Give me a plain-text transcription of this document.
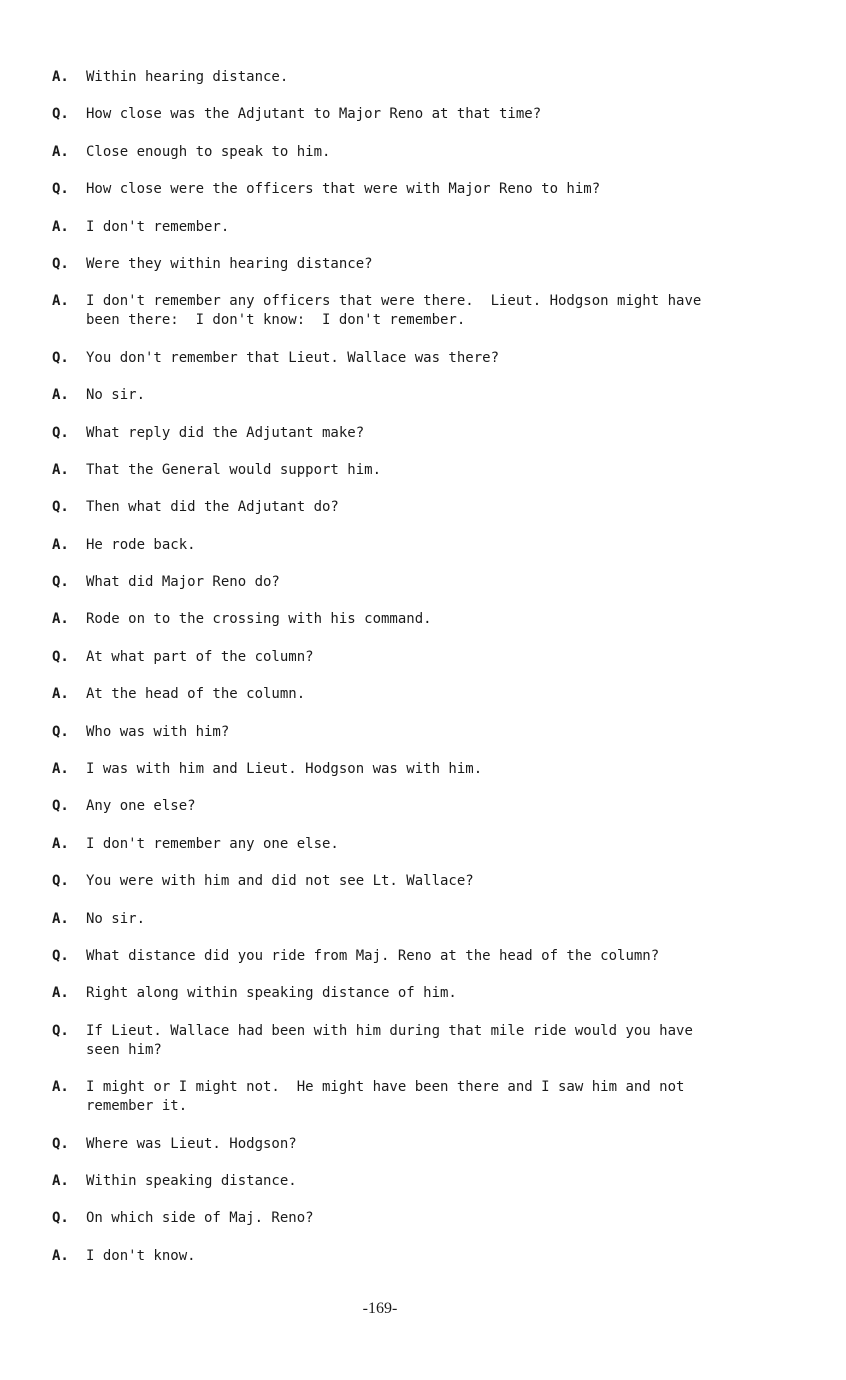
A.	Within hearing distance.
Q.	How close was the Adjutant to Major Reno at that time?
A.	Close enough to speak to him.
Q.	How close were the officers that were with Major Reno to him?
A.	I don't remember.
Q.	Were they within hearing distance?
A.	I don't remember any officers that were there.  Lieut. Hodgson might have
been there:  I don't know:  I don't remember.
Q.	You don't remember that Lieut. Wallace was there?
A.	No sir.
Q.	What reply did the Adjutant make?
A.	That the General would support him.
Q.	Then what did the Adjutant do?
A.	He rode back.
Q.	What did Major Reno do?
A.	Rode on to the crossing with his command.
Q.	At what part of the column?
A.	At the head of the column.
Q.	Who was with him?
A.	I was with him and Lieut. Hodgson was with him.
Q.	Any one else?
A.	I don't remember any one else.
Q.	You were with him and did not see Lt. Wallace?
A.	No sir.
Q.	What distance did you ride from Maj. Reno at the head of the column?
A.	Right along within speaking distance of him.
Q.	If Lieut. Wallace had been with him during that mile ride would you have
seen him?
A.	I might or I might not.  He might have been there and I saw him and not
remember it.
Q.	Where was Lieut. Hodgson?
A.	Within speaking distance.
Q.	On which side of Maj. Reno?
A.	I don't know.
-169-
